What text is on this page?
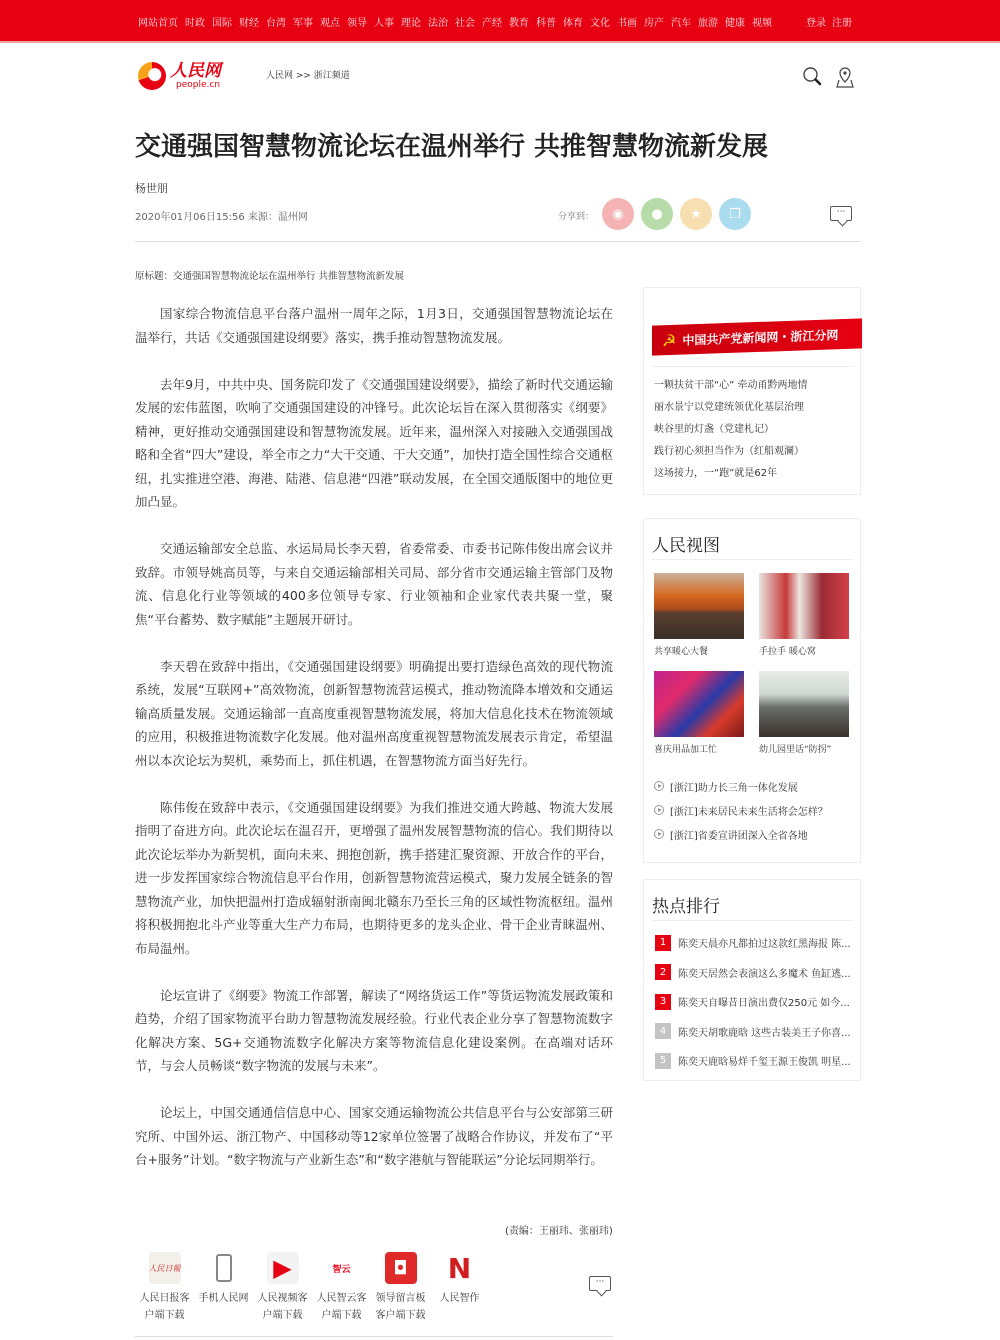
网站首页 时政 国际 财经 台湾 军事 观点 领导 人事 理论 法治 社会 产经 教育 科普 体育 文化 书画 房产 汽车 旅游 健康 视频	登录 注册
人民网
people.cn
人民网 >> 浙江频道
交通强国智慧物流论坛在温州举行 共推智慧物流新发展
杨世朋
2020年01月06日15:56 来源：温州网	分享到： ◉ ● ★ ❐	···
原标题：交通强国智慧物流论坛在温州举行 共推智慧物流新发展

国家综合物流信息平台落户温州一周年之际，1月3日，交通强国智慧物流论坛在温举行，共话《交通强国建设纲要》落实，携手推动智慧物流发展。

去年9月，中共中央、国务院印发了《交通强国建设纲要》，描绘了新时代交通运输发展的宏伟蓝图，吹响了交通强国建设的冲锋号。此次论坛旨在深入贯彻落实《纲要》精神，更好推动交通强国建设和智慧物流发展。近年来，温州深入对接融入交通强国战略和全省“四大”建设，举全市之力“大干交通、干大交通”，加快打造全国性综合交通枢纽，扎实推进空港、海港、陆港、信息港“四港”联动发展，在全国交通版图中的地位更加凸显。

交通运输部安全总监、水运局局长李天碧，省委常委、市委书记陈伟俊出席会议并致辞。市领导姚高员等，与来自交通运输部相关司局、部分省市交通运输主管部门及物流、信息化行业等领域的400多位领导专家、行业领袖和企业家代表共聚一堂，聚焦“平台蓄势、数字赋能”主题展开研讨。

李天碧在致辞中指出，《交通强国建设纲要》明确提出要打造绿色高效的现代物流系统，发展“互联网+”高效物流，创新智慧物流营运模式，推动物流降本增效和交通运输高质量发展。交通运输部一直高度重视智慧物流发展，将加大信息化技术在物流领域的应用，积极推进物流数字化发展。他对温州高度重视智慧物流发展表示肯定，希望温州以本次论坛为契机，乘势而上，抓住机遇，在智慧物流方面当好先行。

陈伟俊在致辞中表示，《交通强国建设纲要》为我们推进交通大跨越、物流大发展指明了奋进方向。此次论坛在温召开，更增强了温州发展智慧物流的信心。我们期待以此次论坛举办为新契机，面向未来、拥抱创新，携手搭建汇聚资源、开放合作的平台，进一步发挥国家综合物流信息平台作用，创新智慧物流营运模式，聚力发展全链条的智慧物流产业，加快把温州打造成辐射浙南闽北赣东乃至长三角的区域性物流枢纽。温州将积极拥抱北斗产业等重大生产力布局，也期待更多的龙头企业、骨干企业青睐温州、布局温州。

论坛宣讲了《纲要》物流工作部署，解读了“网络货运工作”等货运物流发展政策和趋势，介绍了国家物流平台助力智慧物流发展经验。行业代表企业分享了智慧物流数字化解决方案、5G+交通物流数字化解决方案等物流信息化建设案例。在高端对话环节，与会人员畅谈“数字物流的发展与未来”。

论坛上，中国交通通信信息中心、国家交通运输物流公共信息平台与公安部第三研究所、中国外运、浙江物产、中国移动等12家单位签署了战略合作协议，并发布了“平台+服务”计划。“数字物流与产业新生态”和“数字港航与智能联运”分论坛同期举行。

(责编：王丽玮、张丽玮)
人民日報
人民日报客
户端下载
手机人民网

▶
人民视频客
户端下载
智云
人民智云客
户端下载
◘
领导留言板
客户端下载
N
人民智作

···
☭ 中国共产党新闻网・浙江分网
一颗扶贫干部“心” 牵动甬黔两地情
丽水景宁以党建统领优化基层治理
峡谷里的灯盏（党建札记）
践行初心须担当作为（红船观澜）
这场接力，一“跑”就是62年
人民视图
共享暖心大餐	手拉手 暖心窝
喜庆用品加工忙	幼儿园里话“防拐”
[浙江]助力长三角一体化发展
[浙江]未来居民未来生活将会怎样？
[浙江]省委宣讲团深入全省各地
热点排行
1	陈奕天晨亦凡都拍过这款红黑海报 陈...
2	陈奕天居然会表演这么多魔术 鱼缸逃...
3	陈奕天自曝昔日演出费仅250元 如今...
4	陈奕天胡歌鹿晗 这些古装美王子你喜...
5	陈奕天鹿晗易烊千玺王源王俊凯 明星...
